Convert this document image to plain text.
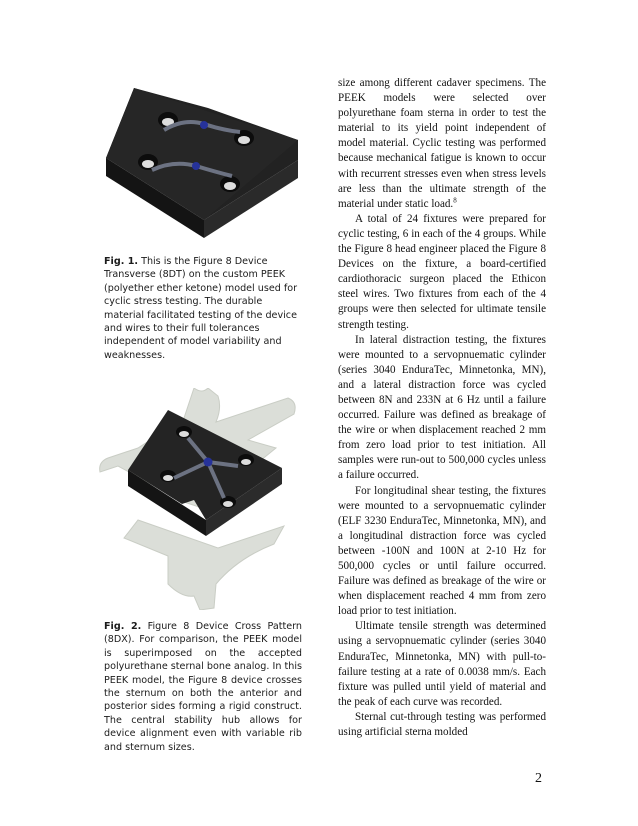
Fig. 1. This is the Figure 8 Device Transverse (8DT) on the custom PEEK (polyether ether ketone) model used for cyclic stress testing. The durable material facilitated testing of the device and wires to their full tolerances independent of model variability and weaknesses.
Fig. 2. Figure 8 Device Cross Pattern (8DX). For comparison, the PEEK model is superimposed on the accepted polyurethane sternal bone analog. In this PEEK model, the Figure 8 device crosses the sternum on both the anterior and posterior sides forming a rigid construct. The central stability hub allows for device alignment even with variable rib and sternum sizes.

size among different cadaver specimens. The PEEK models were selected over polyurethane foam sterna in order to test the material to its yield point independent of model material. Cyclic testing was performed because mechanical fatigue is known to occur with recurrent stresses even when stress levels are less than the ultimate strength of the material under static load.$^8$

A total of 24 fixtures were prepared for cyclic testing, 6 in each of the 4 groups. While the Figure 8 head engineer placed the Figure 8 Devices on the fixture, a board-certified cardiothoracic surgeon placed the Ethicon steel wires. Two fixtures from each of the 4 groups were then selected for ultimate tensile strength testing.

In lateral distraction testing, the fixtures were mounted to a servopnuematic cylinder (series 3040 EnduraTec, Minnetonka, MN), and a lateral distraction force was cycled between 8N and 233N at 6 Hz until a failure occurred. Failure was defined as breakage of the wire or when displacement reached 2 mm from zero load prior to test initiation. All samples were run-out to 500,000 cycles unless a failure occurred.

For longitudinal shear testing, the fixtures were mounted to a servopnuematic cylinder (ELF 3230 EnduraTec, Minnetonka, MN), and a longitudinal distraction force was cycled between -100N and 100N at 2-10 Hz for 500,000 cycles or until failure occurred. Failure was defined as breakage of the wire or when displacement reached 4 mm from zero load prior to test initiation.

Ultimate tensile strength was determined using a servopnuematic cylinder (series 3040 EnduraTec, Minnetonka, MN) with pull-to-failure testing at a rate of 0.0038 mm/s. Each fixture was pulled until yield of material and the peak of each curve was recorded.

Sternal cut-through testing was performed using artificial sterna molded

2
